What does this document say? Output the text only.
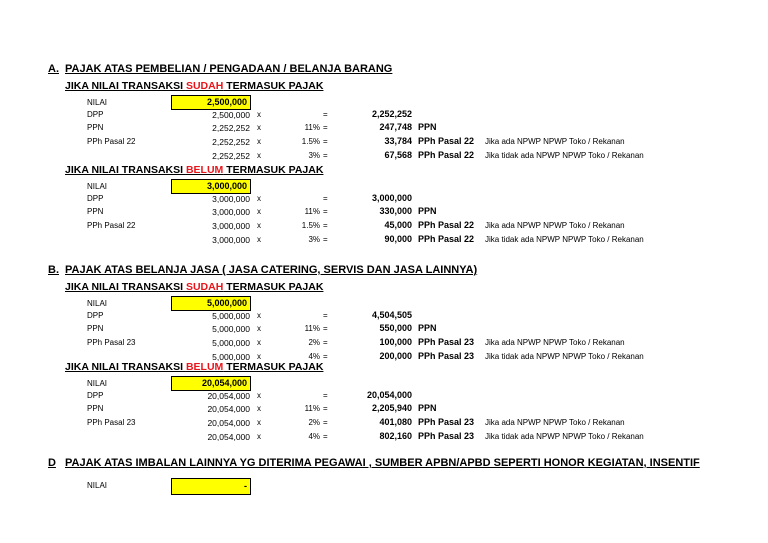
A. PAJAK ATAS PEMBELIAN / PENGADAAN / BELANJA BARANG
JIKA NILAI TRANSAKSI SUDAH TERMASUK PAJAK
NILAI	2,500,000
DPP	2,500,000 x	=	2,252,252
PPN	2,252,252 x	11% =	247,748 PPN
PPh Pasal 22	2,252,252 x	1.5% =	33,784 PPh Pasal 22 Jika ada NPWP NPWP Toko / Rekanan
2,252,252 x	3% =	67,568 PPh Pasal 22 Jika tidak ada NPWP NPWP Toko / Rekanan
JIKA NILAI TRANSAKSI BELUM TERMASUK PAJAK
NILAI	3,000,000
DPP	3,000,000 x	=	3,000,000
PPN	3,000,000 x	11% =	330,000 PPN
PPh Pasal 22	3,000,000 x	1.5% =	45,000 PPh Pasal 22 Jika ada NPWP NPWP Toko / Rekanan
3,000,000 x	3% =	90,000 PPh Pasal 22 Jika tidak ada NPWP NPWP Toko / Rekanan
B. PAJAK ATAS BELANJA JASA ( JASA CATERING, SERVIS DAN JASA LAINNYA)
JIKA NILAI TRANSAKSI SUDAH TERMASUK PAJAK
NILAI	5,000,000
DPP	5,000,000 x	=	4,504,505
PPN	5,000,000 x	11% =	550,000 PPN
PPh Pasal 23	5,000,000 x	2% =	100,000 PPh Pasal 23 Jika ada NPWP NPWP Toko / Rekanan
5,000,000 x	4% =	200,000 PPh Pasal 23 Jika tidak ada NPWP NPWP Toko / Rekanan
JIKA NILAI TRANSAKSI BELUM TERMASUK PAJAK
NILAI	20,054,000
DPP	20,054,000 x	=	20,054,000
PPN	20,054,000 x	11% =	2,205,940 PPN
PPh Pasal 23	20,054,000 x	2% =	401,080 PPh Pasal 23 Jika ada NPWP NPWP Toko / Rekanan
20,054,000 x	4% =	802,160 PPh Pasal 23 Jika tidak ada NPWP NPWP Toko / Rekanan
D PAJAK ATAS IMBALAN LAINNYA YG DITERIMA PEGAWAI , SUMBER APBN/APBD SEPERTI HONOR KEGIATAN, INSENTIF
NILAI	-
